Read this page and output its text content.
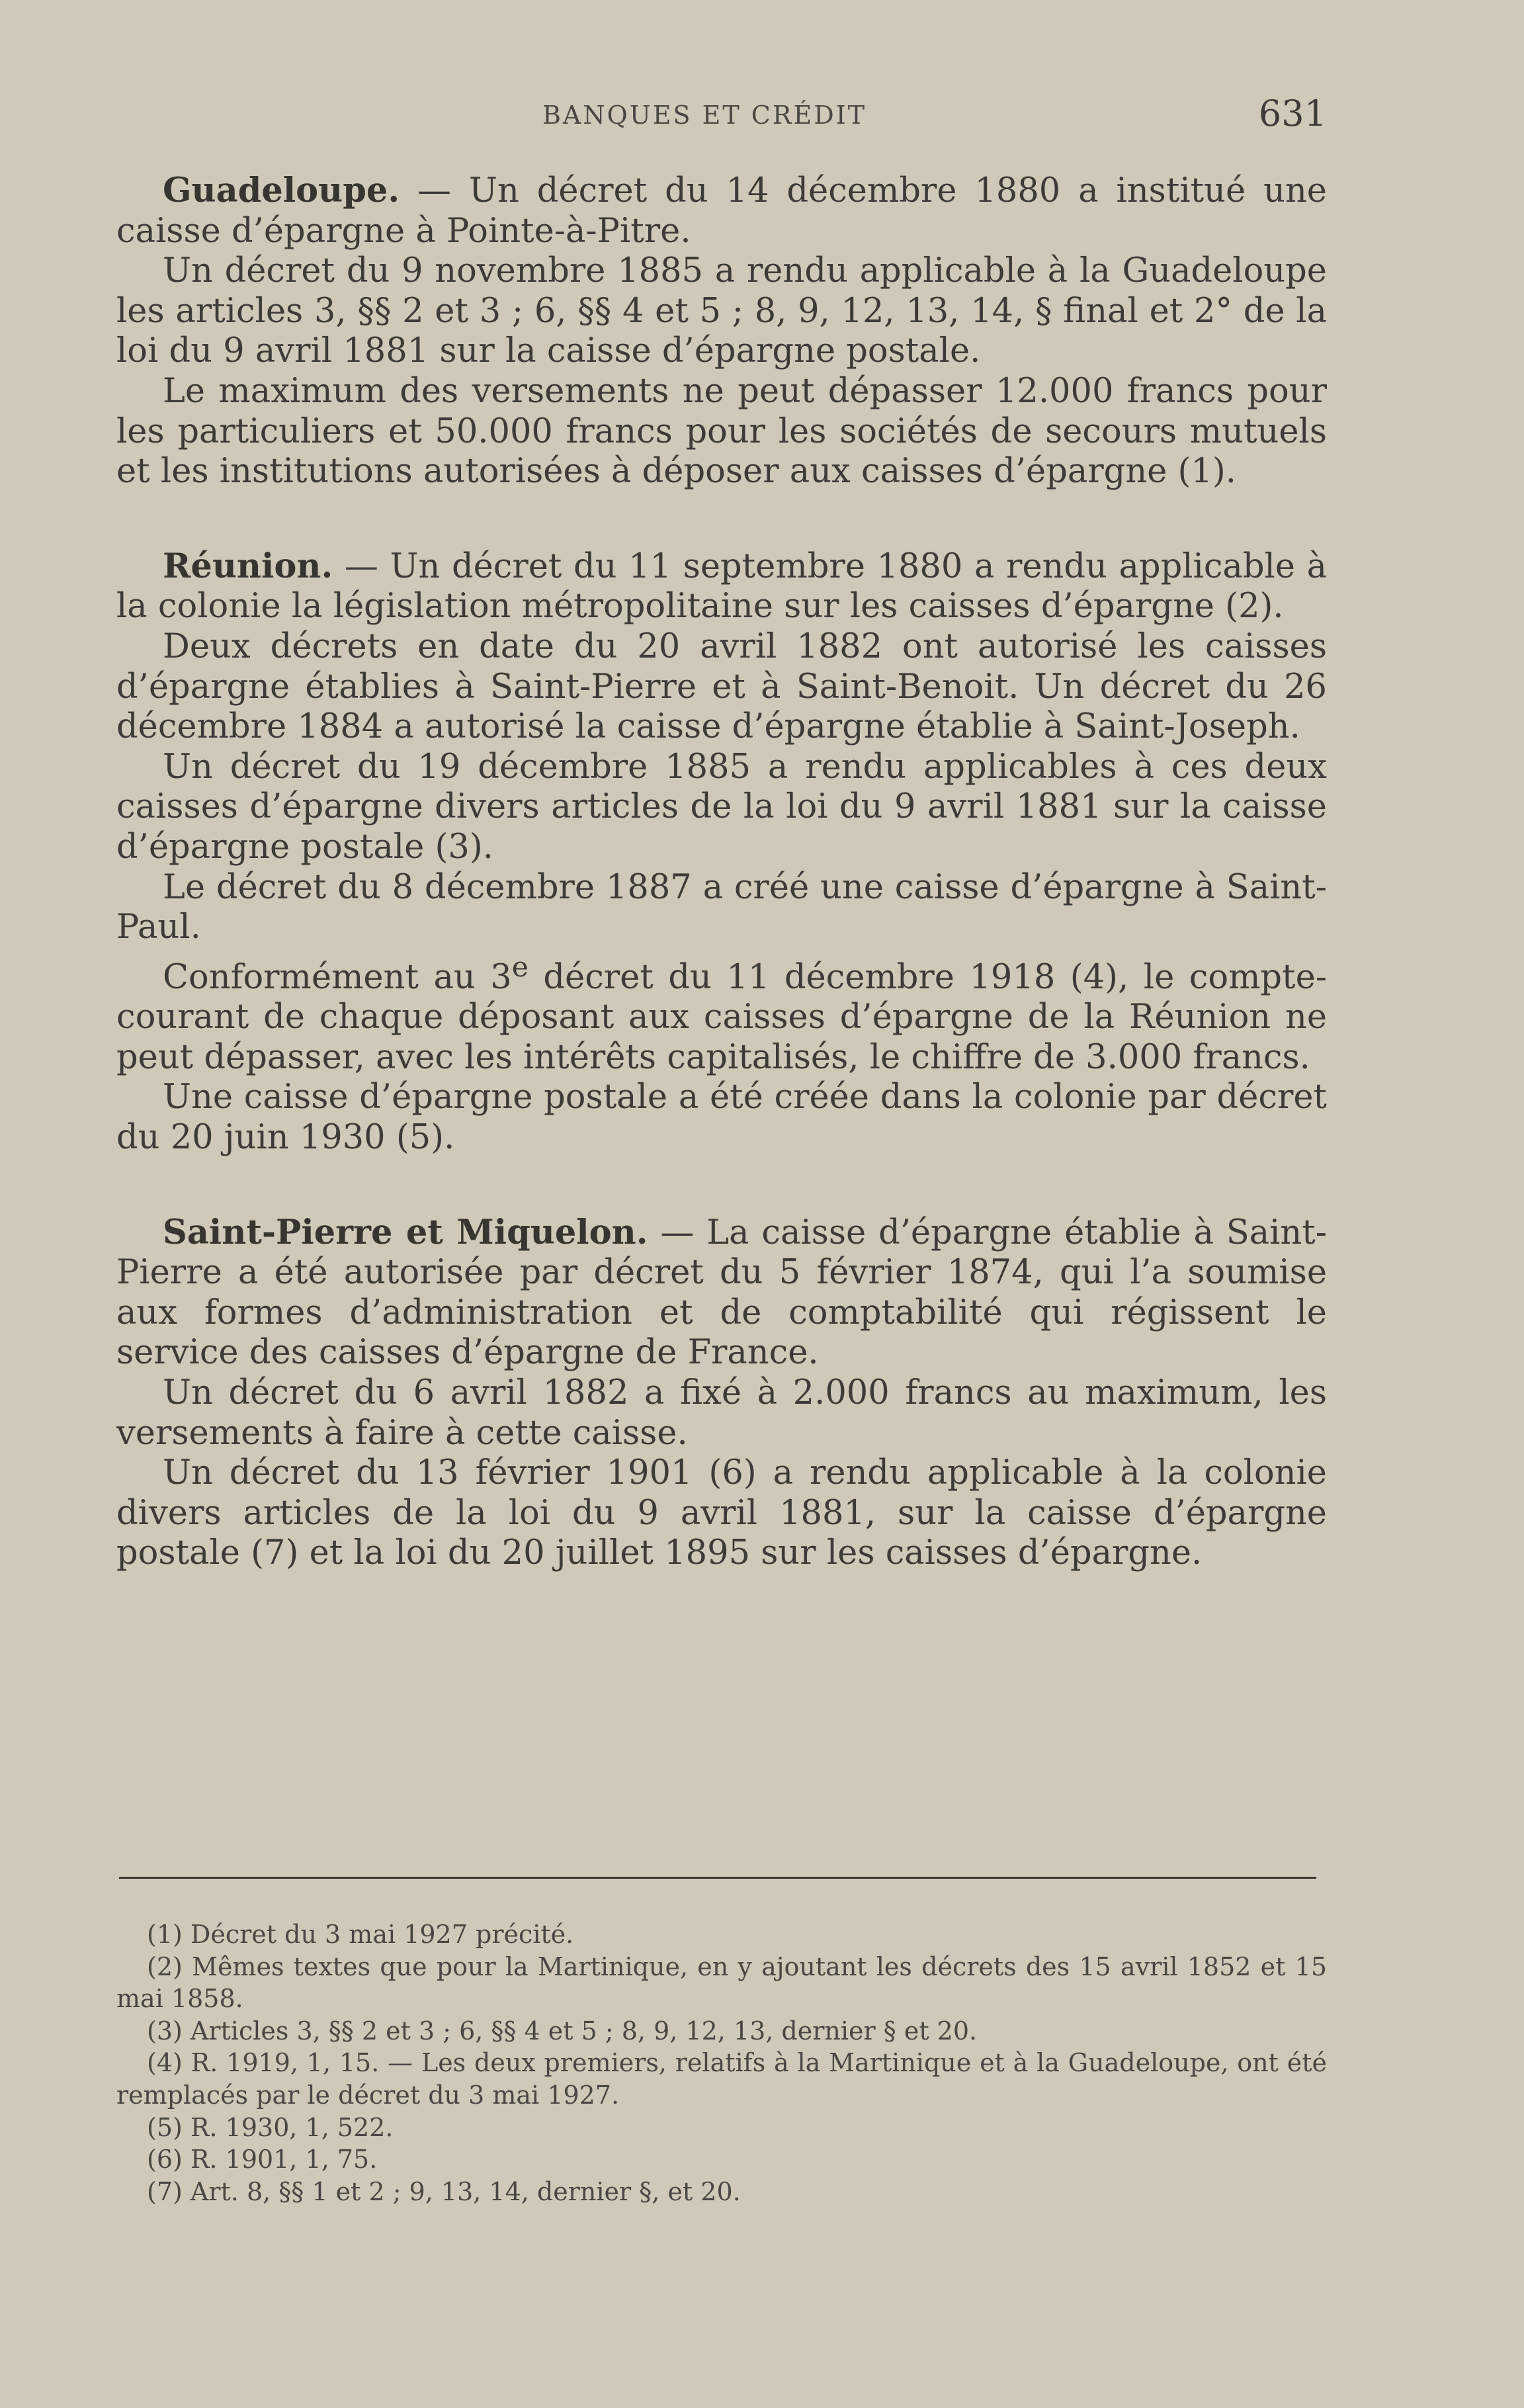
BANQUES ET CRÉDIT	631

Guadeloupe. — Un décret du 14 décembre 1880 a institué une caisse d’épargne à Pointe-à-Pitre.

Un décret du 9 novembre 1885 a rendu applicable à la Guadeloupe les articles 3, §§ 2 et 3 ; 6, §§ 4 et 5 ; 8, 9, 12, 13, 14, § final et 2° de la loi du 9 avril 1881 sur la caisse d’épargne postale.

Le maximum des versements ne peut dépasser 12.000 francs pour les particuliers et 50.000 francs pour les sociétés de secours mutuels et les institutions autorisées à déposer aux caisses d’épargne (1).

Réunion. — Un décret du 11 septembre 1880 a rendu applicable à la colonie la législation métropolitaine sur les caisses d’épargne (2).

Deux décrets en date du 20 avril 1882 ont autorisé les caisses d’épargne établies à Saint-Pierre et à Saint-Benoit. Un décret du 26 décembre 1884 a autorisé la caisse d’épargne établie à Saint-Joseph.

Un décret du 19 décembre 1885 a rendu applicables à ces deux caisses d’épargne divers articles de la loi du 9 avril 1881 sur la caisse d’épargne postale (3).

Le décret du 8 décembre 1887 a créé une caisse d’épargne à Saint-Paul.

Conformément au 3e décret du 11 décembre 1918 (4), le compte-courant de chaque déposant aux caisses d’épargne de la Réunion ne peut dépasser, avec les intérêts capitalisés, le chiffre de 3.000 francs.

Une caisse d’épargne postale a été créée dans la colonie par décret du 20 juin 1930 (5).

Saint-Pierre et Miquelon. — La caisse d’épargne établie à Saint-Pierre a été autorisée par décret du 5 février 1874, qui l’a soumise aux formes d’administration et de comptabilité qui régissent le service des caisses d’épargne de France.

Un décret du 6 avril 1882 a fixé à 2.000 francs au maximum, les versements à faire à cette caisse.

Un décret du 13 février 1901 (6) a rendu applicable à la colonie divers articles de la loi du 9 avril 1881, sur la caisse d’épargne postale (7) et la loi du 20 juillet 1895 sur les caisses d’épargne.

(1) Décret du 3 mai 1927 précité.

(2) Mêmes textes que pour la Martinique, en y ajoutant les décrets des 15 avril 1852 et 15 mai 1858.

(3) Articles 3, §§ 2 et 3 ; 6, §§ 4 et 5 ; 8, 9, 12, 13, dernier § et 20.

(4) R. 1919, 1, 15. — Les deux premiers, relatifs à la Martinique et à la Guadeloupe, ont été remplacés par le décret du 3 mai 1927.

(5) R. 1930, 1, 522.

(6) R. 1901, 1, 75.

(7) Art. 8, §§ 1 et 2 ; 9, 13, 14, dernier §, et 20.
